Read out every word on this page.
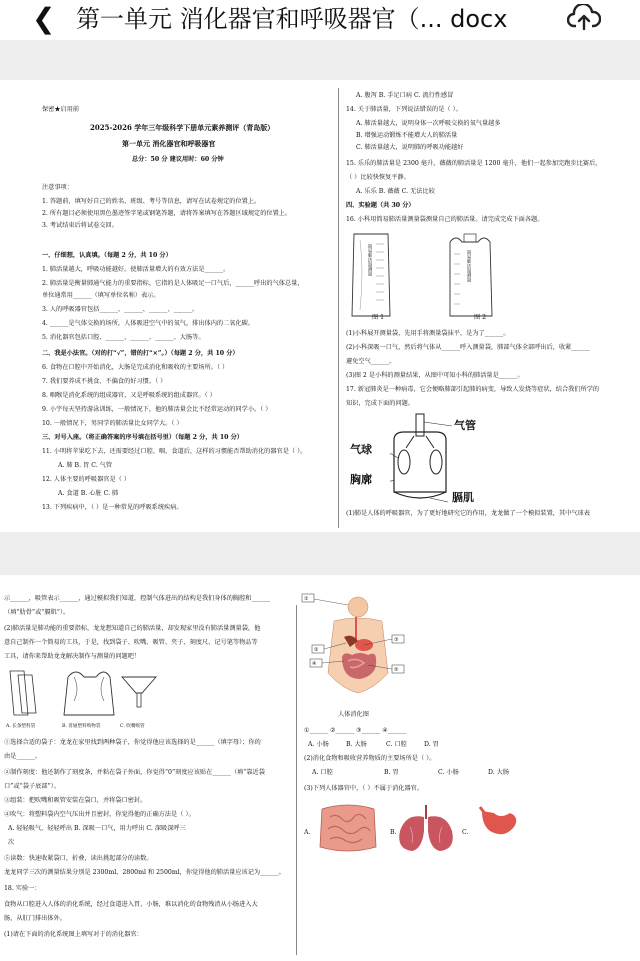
❮ 第一单元 消化器官和呼吸器官（... docx
保密★启用前
2025-2026 学年三年级科学下册单元素养测评（青岛版）
第一单元 消化器官和呼吸器官
总分：50 分 建议用时：60 分钟
注意事项：
1. 答题前，填写好自己的姓名、班级、考号等信息，请写在试卷规定的位置上。
2. 所有题目必须使用黑色墨迹签字笔或钢笔答题，请将答案填写在答题区域规定的位置上。
3. 考试结束后将试卷交回。
一、仔细想，认真填。（每题 2 分，共 10 分）
1. 肺活量越大，呼吸功能越好。使肺活量增大的有效方法是______。
2. 肺活量是衡量肺通气能力的重要指标，它指的是人体吸足一口气后，______呼出的气体总量，
单位通常用______（填写单位名称）表示。
3. 人的呼吸器官包括______、______、______、______。
4. ______是气体交换的场所，人体吸进空气中的氧气，排出体内的二氧化碳。
5. 消化器官包括口腔、______、______、______、大肠等。
二、我是小法官。（对的打“√”，错的打“×”。）（每题 2 分，共 10 分）
6. 食物在口腔中开始消化，大肠是完成消化和吸收的主要场所。（ ）
7. 我们要养成不挑食、不偏食的好习惯。（ ）
8. 咽喉是消化系统的组成器官，又是呼吸系统的组成器官。（ ）
9. 小宇每天坚持游泳训练，一般情况下，他的肺活量会比不经常运动的同学小。（ ）
10. 一般情况下，男同学的肺活量比女同学大。（ ）
三、对号入座。（将正确答案的序号填在括号里）（每题 2 分，共 10 分）
11. 小明将苹果吃下去，还需要经过口腔、咽、食道后，这样的习惯能否帮助消化的器官是（ ）。
A. 肺 B. 胃 C. 气管
12. 人体主要的呼吸器官是（ ）
A. 食道 B. 心脏 C. 肺
13. 下列疾病中，（ ）是一种常见的呼吸系统疾病。
A. 腹泻 B. 手足口病 C. 流行性感冒
14. 关于肺活量，下列说法错误的是（ ）。
A. 肺活量越大，说明身体一次呼吸交换的氧气量越多
B. 增强运动锻炼不能增大人的肺活量
C. 肺活量越大，说明肺的呼吸功能越好
15. 乐乐的肺活量是 2300 毫升，薇薇的肺活量是 1200 毫升，他们一起参加完跑步比赛后，
（ ）比较快恢复平静。
A. 乐乐 B. 薇薇 C. 无法比较
四、实验题（共 30 分）
16. 小科用简易肺活量测量袋测量自己的肺活量。请完成完成下面各题。
简易肺活量测量	简易肺活量测量
图 1	图 2
(1)小科展开测量袋，先用手将测量袋抹平，是为了______。
(2)小科深吸一口气，然后将气体从______呼入测量袋，肺部气体全部呼出后，收紧______
避免空气______。
(3)图 2 是小科的测量结果，从图中可知小科的肺活量是______。
17. 新冠肺炎是一种病毒，它会便略肺部引起肺的病变，导致人发烧等症状，结合我们所学的
知识，完成下面的问题。
气管
气球
胸廓
膈肌
(1)肺是人体的呼吸器官，为了更好地研究它的作用，龙龙做了一个模拟装置，其中气球表
示______，吸管表示______，通过模拟我们知道，控制气体进出的结构是我们身体的胸腔和______
（填“肋骨”或“膈肌”）。
(2)肺活量是肺功能的重要指标，龙龙想知道自己的肺活量，却发现家里没有肺活量测量袋，他
意自己制作一个简易的工具，于是，找到袋子、吹嘴、吸管、夹子、刻度尺、记号笔等物品等
工具，请你来帮助龙龙解决制作与测量的问题吧！
A. 长条塑料袋	B. 普通塑料购物袋	C. 吹嘴吸管
①选择合适的袋子：龙龙在家里找到两种袋子，你觉得他应该选择的是______（填字母）；你的
由是______。
②制作刻度：他还制作了刻度条，并粘在袋子外面，你觉得“0”刻度应该贴在______（填“靠近袋
口”或“袋子底部”）。
③组装：把吹嘴和吸管安装在袋口，并将袋口密封。
④吹气：将塑料袋内空气压出并且密封，你觉得他的正确方法是（ ）。
A. 轻轻吸气，轻轻呼出 B. 深吸一口气，用力呼出 C. 深吸深呼三
次
⑤读数：快速收紧袋口，折叠，读出挑起部分的读数。
龙龙同学三次的测量结果分别是 2300ml、2800ml 和 2500ml，你觉得他的肺活量应该记为______。
18. 实验一：
食物从口腔进入人体的消化系统，经过食道进入胃、小肠，难以消化的食物残渣从小肠进入大
肠，从肛门排出体外。
(1)请在下面的消化系统图上填写对于的消化器官：
①
②
③
④
⑤
人体消化图
①______ ②______ ③______ ④______
A. 小肠	B. 大肠	C. 口腔	D. 胃
(2)消化食物和吸收营养物质的主要场所是（ ）。
A. 口腔	B. 胃	C. 小肠	D. 大肠
(3)下列人体器官中，（ ）不属于消化器官。
A.	B.	C.
